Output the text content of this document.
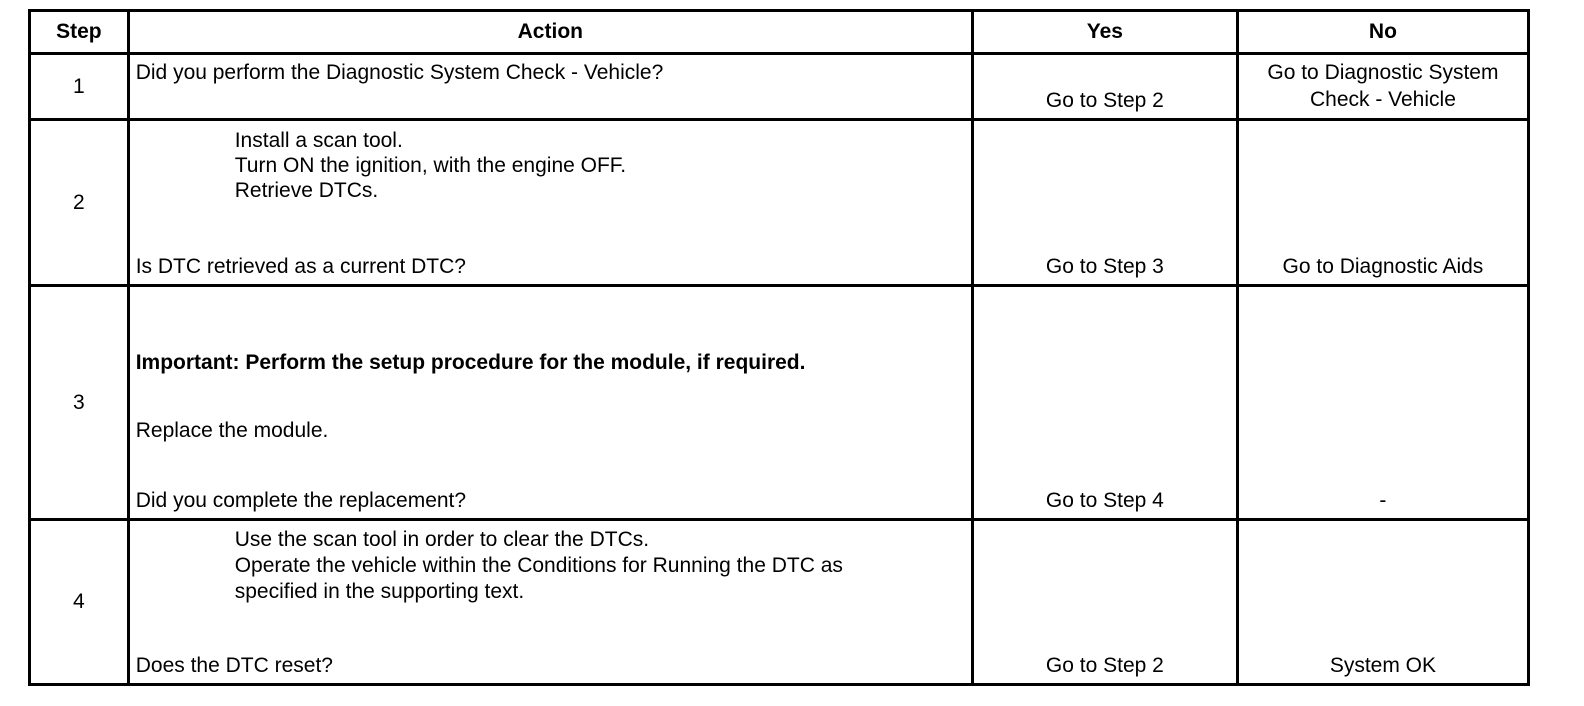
Step	Action	Yes	No
1	Did you perform the Diagnostic System Check - Vehicle?	Go to Step 2	Go to Diagnostic System
Check - Vehicle

2	Install a scan tool.
Turn ON the ignition, with the engine OFF.
Retrieve DTCs.
Is DTC retrieved as a current DTC?	Go to Step 3	Go to Diagnostic Aids

3	Important: Perform the setup procedure for the module, if required.
Replace the module.
Did you complete the replacement?	Go to Step 4	-

4	Use the scan tool in order to clear the DTCs.
Operate the vehicle within the Conditions for Running the DTC as
specified in the supporting text.
Does the DTC reset?	Go to Step 2	System OK
